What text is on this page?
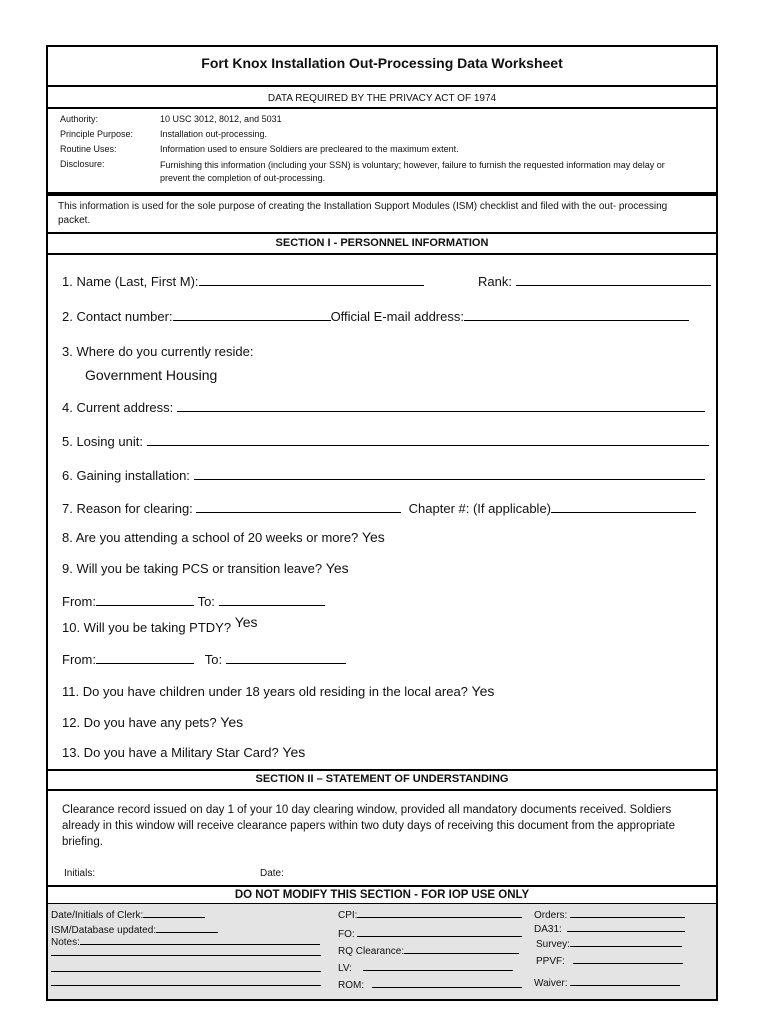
Fort Knox Installation Out-Processing Data Worksheet
DATA REQUIRED BY THE PRIVACY ACT OF 1974
Authority:	10 USC 3012, 8012, and 5031
Principle Purpose:	Installation out-processing.
Routine Uses:	Information used to ensure Soldiers are precleared to the maximum extent.
Disclosure:	Furnishing this information (including your SSN) is voluntary; however, failure to furnish the requested information may delay or prevent the completion of out-processing.
This information is used for the sole purpose of creating the Installation Support Modules (ISM) checklist and filed with the out- processing packet.
SECTION I - PERSONNEL INFORMATION
1. Name (Last, First M):	Rank:
2. Contact number:	Official E-mail address:
3. Where do you currently reside:
Government Housing
4. Current address:
5. Losing unit:
6. Gaining installation:
7. Reason for clearing:	Chapter #: (If applicable)
8. Are you attending a school of 20 weeks or more? Yes
9. Will you be taking PCS or transition leave? Yes
From:	To:
10. Will you be taking PTDY? Yes
From:	To:
11. Do you have children under 18 years old residing in the local area? Yes
12. Do you have any pets? Yes
13. Do you have a Military Star Card? Yes
SECTION II – STATEMENT OF UNDERSTANDING
Clearance record issued on day 1 of your 10 day clearing window, provided all mandatory documents received. Soldiers already in this window will receive clearance papers within two duty days of receiving this document from the appropriate briefing.
Initials:	Date:
DO NOT MODIFY THIS SECTION - FOR IOP USE ONLY
Date/Initials of Clerk:
ISM/Database updated:
Notes:
CPI:
FO:
RQ Clearance:
LV:
ROM:
Orders:
DA31:
Survey:
PPVF:
Waiver:
